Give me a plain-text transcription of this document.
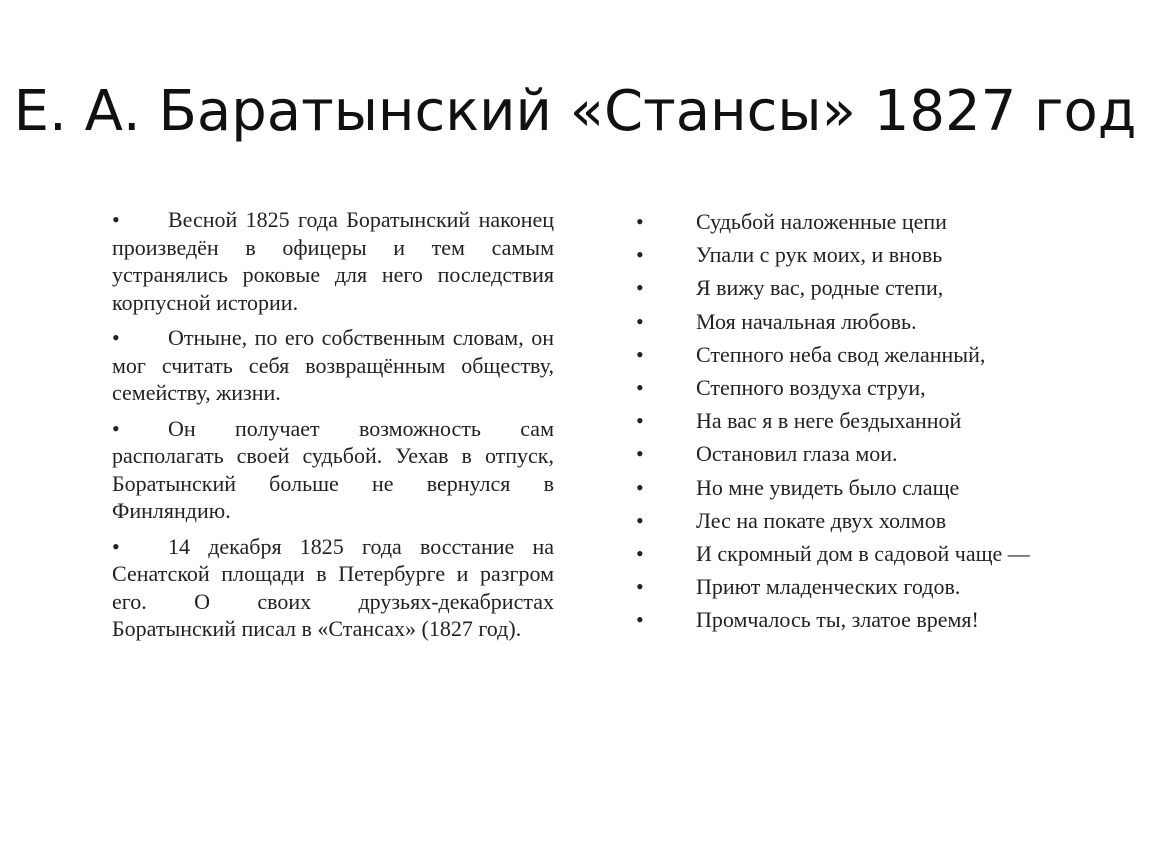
Е. А. Баратынский «Стансы» 1827 год

• Весной 1825 года Боратынский наконец произведён в офицеры и тем самым устранялись роковые для него последствия корпусной истории.

• Отныне, по его собственным словам, он мог считать себя возвращённым обществу, семейству, жизни.

• Он получает возможность сам располагать своей судьбой. Уехав в отпуск, Боратынский больше не вернулся в Финляндию.

• 14 декабря 1825 года восстание на Сенатской площади в Петербурге и разгром его. О своих друзьях-декабристах Боратынский писал в «Стансах» (1827 год).

• Судьбой наложенные цепи
• Упали с рук моих, и вновь
• Я вижу вас, родные степи,
• Моя начальная любовь.
• Степного неба свод желанный,
• Степного воздуха струи,
• На вас я в неге бездыханной
• Остановил глаза мои.
• Но мне увидеть было слаще
• Лес на покате двух холмов
• И скромный дом в садовой чаще —
• Приют младенческих годов.
• Промчалось ты, златое время!
